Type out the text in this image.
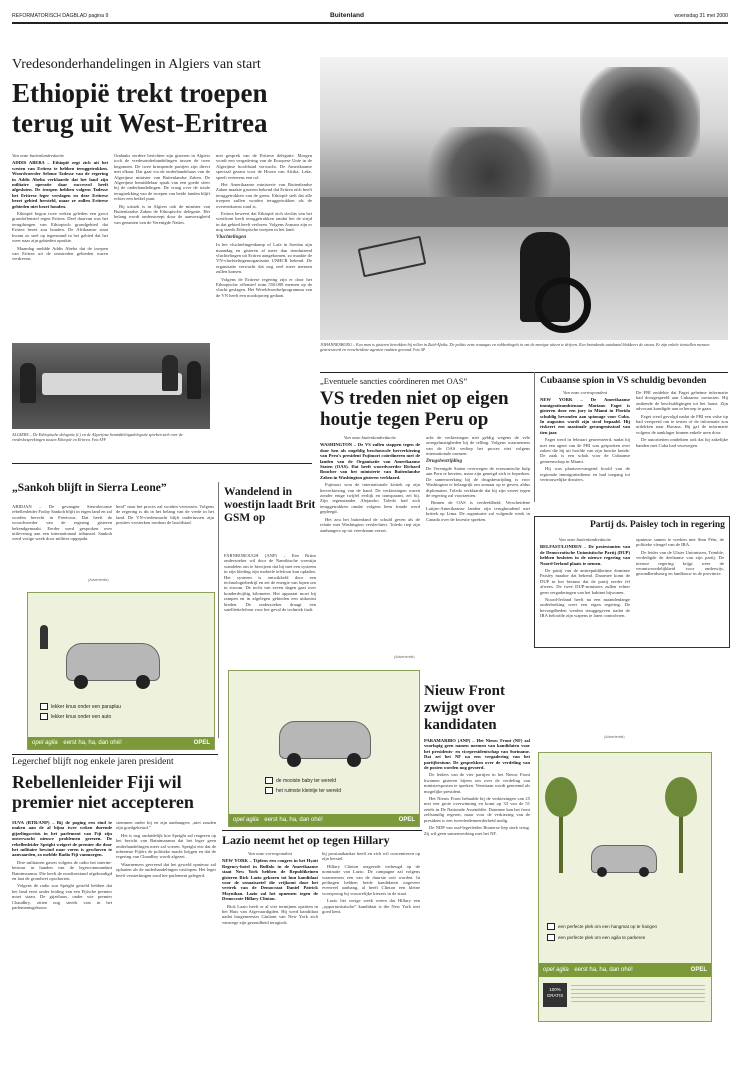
REFORMATORISCH DAGBLAD pagina 9	Buitenland	woensdag 31 mei 2000
Vredesonderhandelingen in Algiers van start
Ethiopië trekt troepen terug uit West-Eritrea
Van onze buitenlandredactie

ADDIS ABEBA – Ethiopië zegt zich uit het westen van Eritrea te hebben teruggetrokken. Woordvoerder Selome Tadesse van de regering in Addis Abeba verklaarde dat het land zijn militaire operatie daar succesvol heeft afgesloten. De troepen hebben volgens Tadesse het Eritrese leger verslagen en deze Eritrese bezet gebied hersteld, maar ze zullen Eritrese gebieden niet bezet houden.

Ethiopië begon twee weken geleden een groot grondoffensief tegen Eritrea. Deel daarvan was het terugdringen van Ethiopisch grondgebied dat Eritrea bezet zou houden. De Afrikaanse staat kwam zo snel op tegenstand in het gebied dat het weer naar zijn gebieden oprukte.

Maandag meldde Addis Abeba dat de troepen van Eritrea uit de omstreden gebieden waren verdreven.

Ondanks eerdere berichten zijn gisteren in Algiers toch de vredesonderhandelingen tussen de twee begonnen. De twee krimpende partijen zijn direct met elkaar. Dat gaat via de onderhandelaars van de Algerijnse minister van Buitenlandse Zaken. De Algerijnse bemiddelaar sprak van een goede sfeer bij de onderhandelingen. De vraag over de totale terugtrekking van de troepen van beide landen blijft echter een heikel punt.

Bij uitstek is in Algiers ook de minister van Buitenlandse Zaken de Ethiopische delegatie. Het belang wordt onderstreept door de aanwezigheid van gezanten van de Verenigde Naties.

met gesprek van de Eritrese delegatie. Morgen wordt een vergadering van de Europese Unie in de Algerijnse hoofdstad verwacht. De Amerikaanse speciaal gezant voor de Hoorn van Afrika, Lake, speelt eveneens een rol.

Het Amerikaanse ministerie van Buitenlandse Zaken maakte gisteren bekend dat Eritrea zich heeft teruggetrokken van de grens. Ethiopië stelt dat alle troepen zullen worden teruggetrokken als de overeenkomst rond is.

Eritrea beweert dat Ethiopië zich slechts van het westfront heeft teruggetrokken omdat het de strijd in dat gebied heeft verloren. Volgens Asmara zijn er nog steeds Ethiopische troepen in het land.

Vluchtelingen

In het vluchtelingenkamp of Lafa in Soedan zijn maandag en gisteren al meer dan tienduizend vluchtelingen uit Eritrea aangekomen, zo maakte de VN-vluchtelingenorganisatie UNHCR bekend. De organisatie verwacht dat nog veel meer mensen zullen komen.

Volgens de Eritrese regering zijn er door het Ethiopische offensief ruim 550.000 mensen op de vlucht geslagen. Het Wereldvoedselprogramma van de VN heeft een noodoproep gedaan.

ALGIERS – De Ethiopische delegatie (l.) en de Algerijnse bemiddelingsdelegatie spreken zich over de vredesbesprekingen tussen Ethiopië en Eritrea. Foto AFP
JOHANNESBURG – Een man is gisteren betrokken bij rellen in Zuid-Afrika. De politie zette traangas en rubberkogels in om de menigte uiteen te drijven. Een brandende autoband blokkeert de straat. Er zijn enkele tientallen mensen gearresteerd en verscheidene agenten raakten gewond. Foto AP
„Sankoh blijft in Sierra Leone”

ABIDJAN – De gevangen Sierraleoonse rebellenleider Foday Sankoh blijft in eigen land en zal worden berecht in Freetown. Dat heeft de woordvoerder van de regering gisteren bekendgemaakt. Eerder werd gesproken over uitlevering aan een internationaal tribunaal. Sankoh werd vorige week door milities opgepakt.

heid” naar het proces zal worden verwezen. Volgens de regering is dit in het belang van de vrede in het land. De VN-vredesmacht blijft ondertussen zijn posities versterken rondom de hoofdstad.

(Advertentie)
lekker knus onder een parapluu
lekker knus onder een auto
opel agila eerst ha, ha, dan ohé!	OPEL
Wandelend in woestijn laadt Brit GSM op

FARNBOROUGH (ANP) – Een Britse onderzoeker wil door de Namibische woestijn wandelen om te bewijzen dat hij met een systeem in zijn kleding zijn mobiele telefoon kan opladen. Het systeem is ontwikkeld door een technologiebedrijf en zet de energie van lopen om in stroom. De tocht van zeven dagen gaat over honderdvijftig kilometer. Het apparaat moet bij rampen en in afgelegen gebieden een uitkomst bieden. De onderzoeker draagt een satelliettelefoon voor het geval de techniek faalt.

„Eventuele sancties coördineren met OAS”
VS treden niet op eigen houtje tegen Peru op
Van onze buitenlandredactie

WASHINGTON – De VS zullen stappen tegen de door hen als ongeldig beschouwde herverkiezing van Peru's president Fujimori coördineren met de landen van de Organisatie van Amerikaanse Staten (OAS). Dat heeft woordvoerder Richard Boucher van het ministerie van Buitenlandse Zaken in Washington gisteren verklaard.

Fujimori won de internationale kritiek op zijn herverkiezing van de hand. De verkiezingen waren zonder enige twijfel eerlijk en transparant, zei hij. Zijn tegenstander Alejandro Toledo had zich teruggetrokken omdat volgens hem fraude werd gepleegd.

Het zou het buitenland de schuld geven als de relatie met Washington verslechtert. Toledo riep zijn aanhangers op tot vreedzaam verzet.

acht de verkiezingen niet geldig wegens de vele onregelmatigheden bij de telling. Volgens waarnemers van de OAS verliep het proces niet volgens internationale normen.

Drugsbestrijding

De Verenigde Staten overwegen de economische hulp aan Peru te herzien, maar zijn geneigd zich te beperken. De samenwerking bij de drugsbestrijding is voor Washington te belangrijk om zomaar op te geven, aldus diplomaten. Toledo verklaarde dat hij zijn verzet tegen de regering zal voortzetten.

Binnen de OAS is verdeeldheid. Verscheidene Latijns-Amerikaanse landen zijn terughoudend met kritiek op Lima. De organisatie zal volgende week in Canada over de kwestie spreken.

Cubaanse spion in VS schuldig bevonden
Van onze correspondent

NEW YORK – De Amerikaanse immigratieambtenaar Mariano Faget is gisteren door een jury in Miami in Florida schuldig bevonden aan spionage voor Cuba. In augustus wordt zijn straf bepaald. Hij riskeert een maximale gevangenisstraf van tien jaar.

Faget werd in februari gearresteerd, nadat hij met een agent van de FBI was gesproken over zaken die hij uit hoofde van zijn functie kende. De zaak is een schok voor de Cubaanse gemeenschap in Miami.

Hij was plaatsvervangend hoofd van de regionale immigratiedienst en had toegang tot vertrouwelijke dossiers.

De FBI ontdekte dat Faget geheime informatie had doorgespeeld aan Cubaanse contacten. Hij ontkende de beschuldigingen tot het laatst. Zijn advocaat kondigde aan in beroep te gaan.

Faget werd gevolgd nadat de FBI een valse tip had verspreid om te testen of de informatie zou uitlekken naar Havana. Hij gaf de informatie volgens de aanklager binnen enkele uren door.

De autoriteiten ontdekten ook dat hij zakelijke banden met Cuba had verzwegen.

Partij ds. Paisley toch in regering
Van onze buitenlandredactie

BELFAST/LONDEN – De protestanten van de Democratische Unionistische Partij (DUP) hebben besloten in de nieuwe regering van Noord-Ierland plaats te nemen.

De partij van de antirepublikeinse dominee Paisley maakte dat bekend. Daarmee komt de DUP in het bestuur dat de partij eerder fel afwees. De twee DUP-ministers zullen echter geen vergaderingen van het kabinet bijwonen.

Noord-Ierland heeft na een maandenlange onderbreking weer een eigen regering. De bevoegdheden werden teruggegeven nadat de IRA beloofde zijn wapens te laten controleren.

opnieuw samen te werken met Sinn Féin, de politieke vleugel van de IRA.

De leider van de Ulster Unionisten, Trimble, verdedigde de deelname van zijn partij. De nieuwe regering krijgt weer de verantwoordelijkheid voor onderwijs, gezondheidszorg en landbouw in de provincie.

(Advertentie)
de mooiste baby ter wereld
het ruimste kleintje ter wereld
opel agila eerst ha, ha, dan ohé!	OPEL
Nieuw Front zwijgt over kandidaten

PARAMARIBO (ANP) – Het Nieuw Front (NF) zal voorlopig geen namen noemen van kandidaten voor het presidents- en vicepresidentschap van Suriname. Dat zei het NF na een vergadering van het partijbestuur. De gesprekken over de verdeling van de posten worden nog gevoerd.

De leiders van de vier partijen in het Nieuw Front kwamen gisteren bijeen om over de verdeling van ministersposten te spreken. Venetiaan wordt genoemd als mogelijke president.

Het Nieuw Front behaalde bij de verkiezingen van 25 mei een grote overwinning en komt op 33 van de 51 zetels in De Nationale Assemblée. Daarmee kan het front zelfstandig regeren, maar voor de verkiezing van de president is een tweederdemeerderheid nodig.

De NDP van oud-legerleider Bouterse liep sterk terug. Zij wil geen samenwerking met het NF.

Legerchef blijft nog enkele jaren president
Rebellenleider Fiji wil premier niet accepteren

SUVA (RTR/ANP) – Bij de poging een eind te maken aan de al bijna twee weken durende gijzelingscrisis in het parlement van Fiji zijn onverwacht nieuwe problemen gerezen. De rebellenleider Speight weigert de premier die door het militaire bewind naar voren is geschoven te aanvaarden, zo meldde Radio Fiji vanmorgen.

Drie militairen gaven volgens de radio het interim-bestuur in handen van de legercommandant Bainimarama. Die heeft de noodtoestand afgekondigd en laat de grondwet opschorten.

Volgens de radio zou Speight gesteld hebben dat het land eerst onder leiding van een Fijische premier moet staan. De gijzelaars, onder wie premier Chaudhry, zitten nog steeds vast in het parlementsgebouw.

stemmen onder hij en zijn aanhangers „niet zouden zijn goedgekeurd.”

Het is nog onduidelijk hoe Speight zal reageren op het bericht van Bainimarama dat het leger geen onderhandelingen meer zal voeren. Speight eist dat de inheemse Fijiërs de politieke macht krijgen en dat de regering van Chaudhry wordt afgezet.

Waarnemers gevreesd dat het geweld opnieuw zal oplaaien als de onderhandelingen vastlopen. Het leger heeft versterkingen rond het parlement gelegerd.

Lazio neemt het op tegen Hillary
Van onze correspondent

NEW YORK – Tijdens een congres in het Hyatt Regency-hotel in Buffalo in de Amerikaanse staat New York hebben de Republikeinen gisteren Rick Lazio gekozen tot hun kandidaat voor de senaatszetel die vrijkomt door het vertrek van de Democraat Daniel Patrick Moynihan. Lazio zal het opnemen tegen de Democrate Hillary Clinton.

Rick Lazio heeft er al vier termijnen opzitten in het Huis van Afgevaardigden. Hij werd kandidaat nadat burgemeester Giuliani van New York zich vanwege zijn gezondheid terugtrok.

bij prostaatkanker heeft en zich wil concentreren op zijn herstel.

Hillary Clinton reageerde verheugd op de nominatie van Lazio. De campagne zal volgens waarnemers een van de duurste ooit worden. In peilingen hebben beide kandidaten ongeveer evenveel aanhang, al heeft Clinton een kleine voorsprong bij vrouwelijke kiezers in de staat.

Lazio liet vorige week weten dat Hillary een „opportunistische” kandidaat is die New York niet goed kent.

(Advertentie)
een perfecte plek om een hangmat op te hangen
een perfecte plek om een agila te parkeren
opel agila eerst ha, ha, dan ohé!	OPEL
100% GRATIS
